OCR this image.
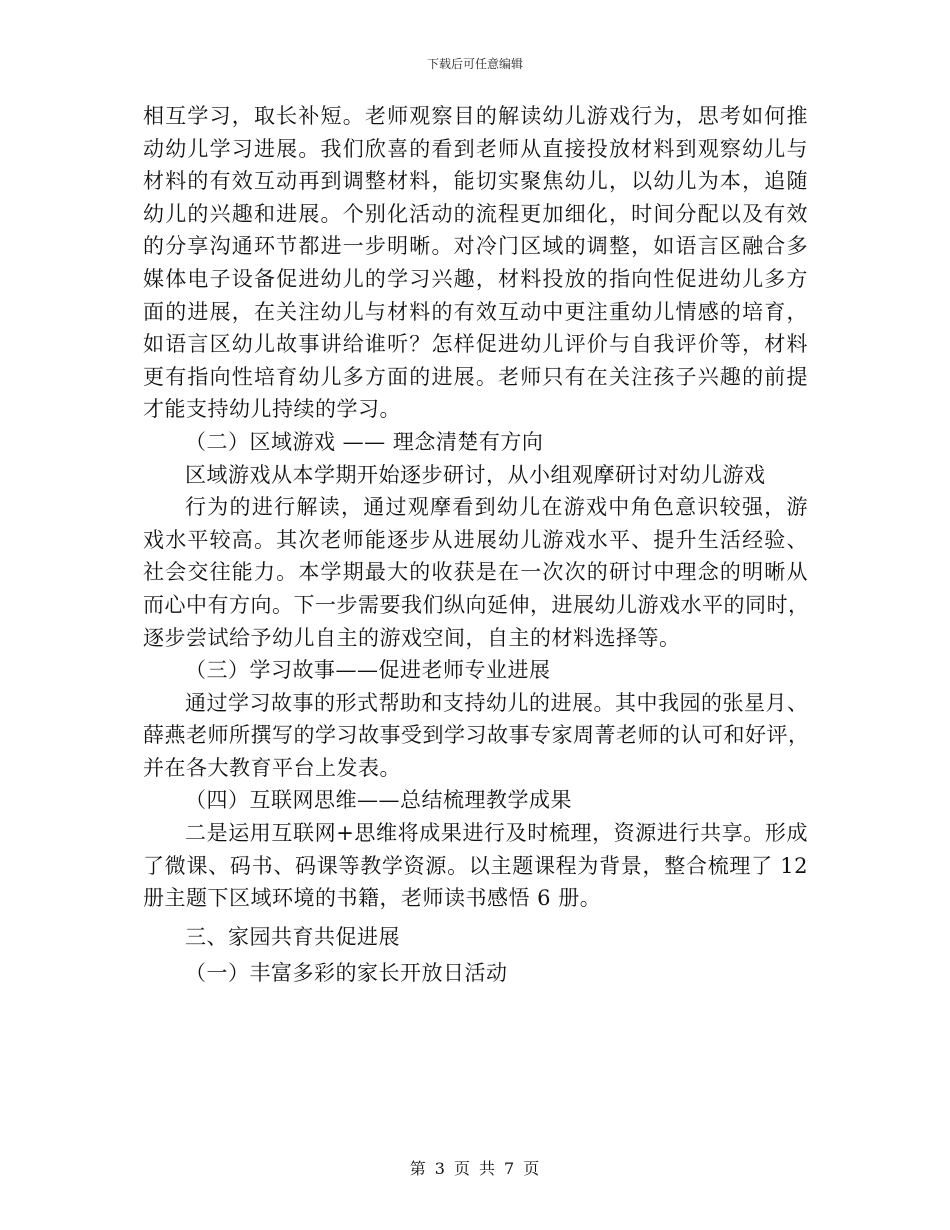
下载后可任意编辑

相互学习，取长补短。老师观察目的解读幼儿游戏行为，思考如何推
动幼儿学习进展。我们欣喜的看到老师从直接投放材料到观察幼儿与
材料的有效互动再到调整材料，能切实聚焦幼儿，以幼儿为本，追随
幼儿的兴趣和进展。个别化活动的流程更加细化，时间分配以及有效
的分享沟通环节都进一步明晰。对冷门区域的调整，如语言区融合多
媒体电子设备促进幼儿的学习兴趣，材料投放的指向性促进幼儿多方
面的进展，在关注幼儿与材料的有效互动中更注重幼儿情感的培育，
如语言区幼儿故事讲给谁听？怎样促进幼儿评价与自我评价等，材料
更有指向性培育幼儿多方面的进展。老师只有在关注孩子兴趣的前提
才能支持幼儿持续的学习。

（二）区域游戏 —— 理念清楚有方向

区域游戏从本学期开始逐步研讨，从小组观摩研讨对幼儿游戏
行为的进行解读，通过观摩看到幼儿在游戏中角色意识较强，游
戏水平较高。其次老师能逐步从进展幼儿游戏水平、提升生活经验、
社会交往能力。本学期最大的收获是在一次次的研讨中理念的明晰从
而心中有方向。下一步需要我们纵向延伸，进展幼儿游戏水平的同时，
逐步尝试给予幼儿自主的游戏空间，自主的材料选择等。

（三）学习故事——促进老师专业进展

通过学习故事的形式帮助和支持幼儿的进展。其中我园的张星月、
薛燕老师所撰写的学习故事受到学习故事专家周菁老师的认可和好评，
并在各大教育平台上发表。

（四）互联网思维——总结梳理教学成果

二是运用互联网+思维将成果进行及时梳理，资源进行共享。形成
了微课、码书、码课等教学资源。以主题课程为背景，整合梳理了 12
册主题下区域环境的书籍，老师读书感悟 6 册。

三、家园共育共促进展

（一）丰富多彩的家长开放日活动

第 3 页 共 7 页
